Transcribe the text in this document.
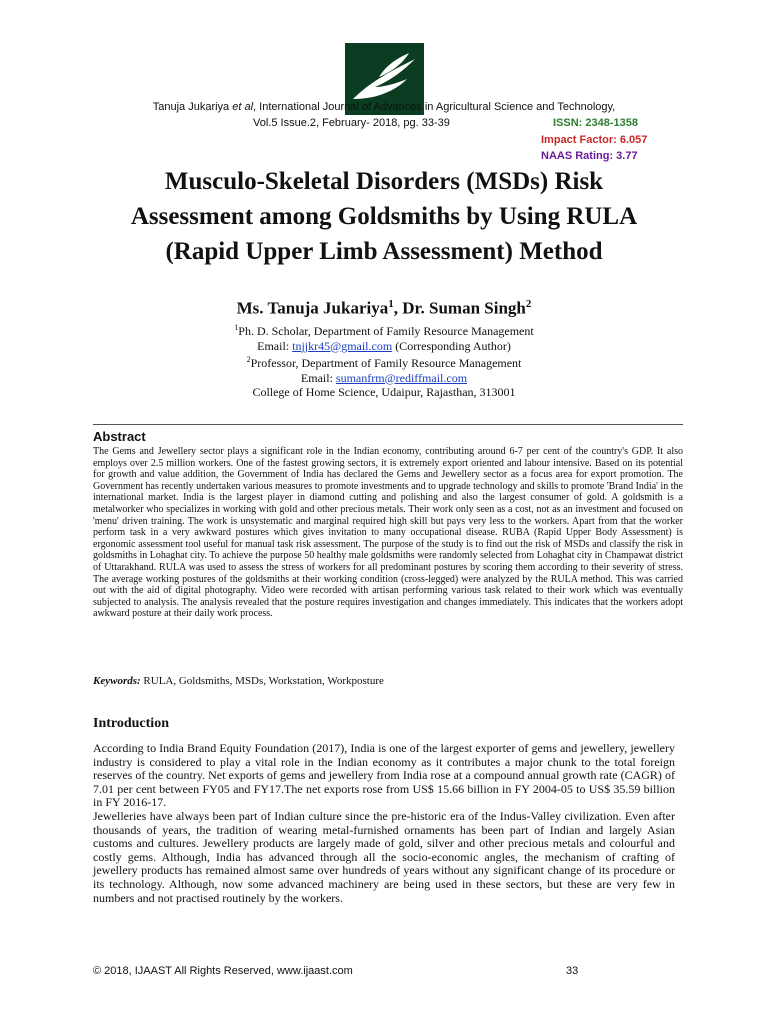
Tanuja Jukariya et al, International Journal of Advances in Agricultural Science and Technology,
Vol.5 Issue.2, February- 2018, pg. 33-39	ISSN: 2348-1358
Impact Factor: 6.057
NAAS Rating: 3.77
Musculo-Skeletal Disorders (MSDs) Risk
Assessment among Goldsmiths by Using RULA
(Rapid Upper Limb Assessment) Method
Ms. Tanuja Jukariya$^1$, Dr. Suman Singh$^2$
$^1$Ph. D. Scholar, Department of Family Resource Management
Email: tnjjkr45@gmail.com (Corresponding Author)
$^2$Professor, Department of Family Resource Management
Email: sumanfrm@rediffmail.com
College of Home Science, Udaipur, Rajasthan, 313001
Abstract
The Gems and Jewellery sector plays a significant role in the Indian economy, contributing around 6-7 per cent of the country's GDP. It also employs over 2.5 million workers. One of the fastest growing sectors, it is extremely export oriented and labour intensive. Based on its potential for growth and value addition, the Government of India has declared the Gems and Jewellery sector as a focus area for export promotion. The Government has recently undertaken various measures to promote investments and to upgrade technology and skills to promote 'Brand India' in the international market. India is the largest player in diamond cutting and polishing and also the largest consumer of gold. A goldsmith is a metalworker who specializes in working with gold and other precious metals. Their work only seen as a cost, not as an investment and focused on 'menu' driven training. The work is unsystematic and marginal required high skill but pays very less to the workers. Apart from that the worker perform task in a very awkward postures which gives invitation to many occupational disease. RUBA (Rapid Upper Body Assessment) is ergonomic assessment tool useful for manual task risk assessment. The purpose of the study is to find out the risk of MSDs and classify the risk in goldsmiths in Lohaghat city. To achieve the purpose 50 healthy male goldsmiths were randomly selected from Lohaghat city in Champawat district of Uttarakhand. RULA was used to assess the stress of workers for all predominant postures by scoring them according to their severity of stress. The average working postures of the goldsmiths at their working condition (cross-legged) were analyzed by the RULA method. This was carried out with the aid of digital photography. Video were recorded with artisan performing various task related to their work which was eventually subjected to analysis. The analysis revealed that the posture requires investigation and changes immediately. This indicates that the workers adopt awkward posture at their daily work process.
Keywords: RULA, Goldsmiths, MSDs, Workstation, Workposture
Introduction

According to India Brand Equity Foundation (2017), India is one of the largest exporter of gems and jewellery, jewellery industry is considered to play a vital role in the Indian economy as it contributes a major chunk to the total foreign reserves of the country. Net exports of gems and jewellery from India rose at a compound annual growth rate (CAGR) of 7.01 per cent between FY05 and FY17.The net exports rose from US$ 15.66 billion in FY 2004-05 to US$ 35.59 billion in FY 2016-17.

Jewelleries have always been part of Indian culture since the pre-historic era of the Indus-Valley civilization. Even after thousands of years, the tradition of wearing metal-furnished ornaments has been part of Indian and largely Asian customs and cultures. Jewellery products are largely made of gold, silver and other precious metals and colourful and costly gems. Although, India has advanced through all the socio-economic angles, the mechanism of crafting of jewellery products has remained almost same over hundreds of years without any significant change of its procedure or its technology. Although, now some advanced machinery are being used in these sectors, but these are very few in numbers and not practised routinely by the workers.

© 2018, IJAAST All Rights Reserved, www.ijaast.com	33
